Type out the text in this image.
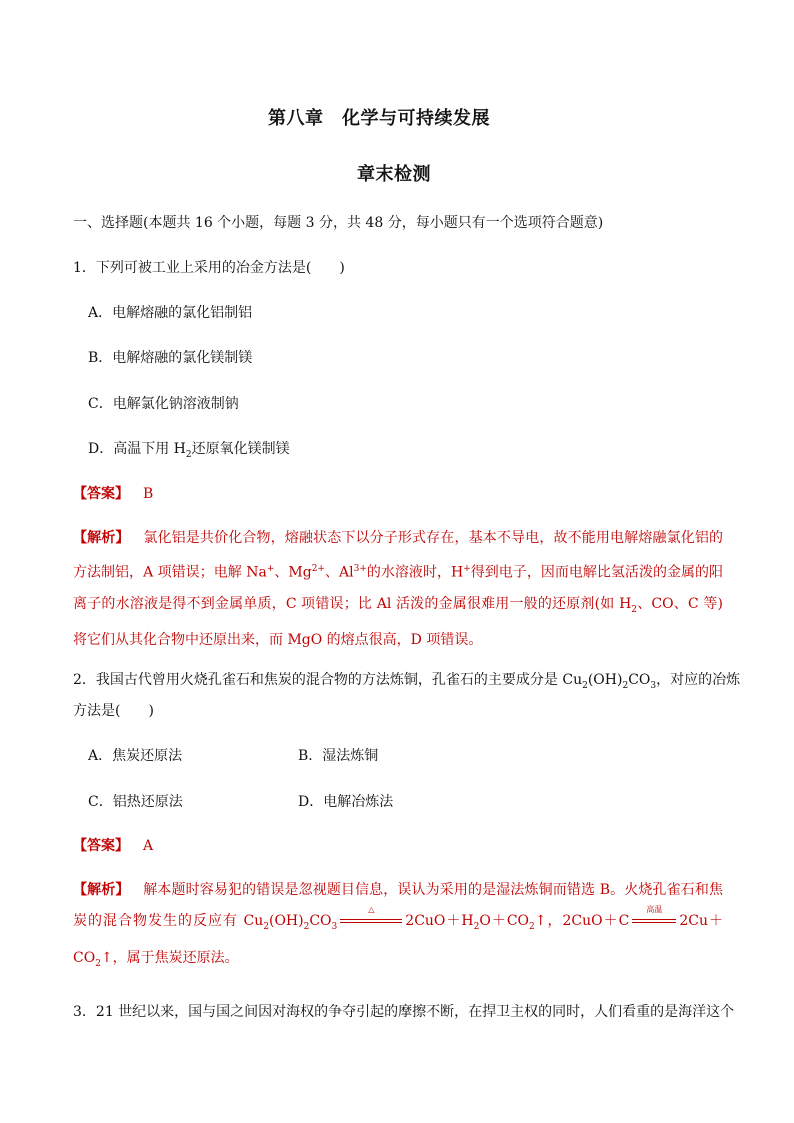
第八章　化学与可持续发展
章末检测
一、选择题(本题共 16 个小题，每题 3 分，共 48 分，每小题只有一个选项符合题意)
1．下列可被工业上采用的冶金方法是(　　)
A．电解熔融的氯化铝制铝
B．电解熔融的氯化镁制镁
C．电解氯化钠溶液制钠
D．高温下用 $H_2$还原氧化镁制镁
【答案】 B
【解析】 氯化铝是共价化合物，熔融状态下以分子形式存在，基本不导电，故不能用电解熔融氯化铝的方法制铝，A 项错误；电解 Na+、$Mg^{2+}$、$Al^{3+}$的水溶液时，H+得到电子，因而电解比氢活泼的金属的阳离子的水溶液是得不到金属单质，C 项错误；比 Al 活泼的金属很难用一般的还原剂(如 $H_2$、CO、C 等)将它们从其化合物中还原出来，而 MgO 的熔点很高，D 项错误。
2．我国古代曾用火烧孔雀石和焦炭的混合物的方法炼铜，孔雀石的主要成分是 $Cu_2(OH)_2CO_3$，对应的冶炼
方法是(　　)
A．焦炭还原法	B．湿法炼铜
C．铝热还原法	D．电解冶炼法
【答案】 A
【解析】 解本题时容易犯的错误是忽视题目信息，误认为采用的是湿法炼铜而错选 B。火烧孔雀石和焦炭的混合物发生的反应有 $Cu_2(OH)_2CO_3$
△
$2CuO+H_2O+CO_2↑$，2CuO＋C
高温
$2Cu+CO_2↑$，属于焦炭还原法。
3．21 世纪以来，国与国之间因对海权的争夺引起的摩擦不断，在捍卫主权的同时，人们看重的是海洋这个
